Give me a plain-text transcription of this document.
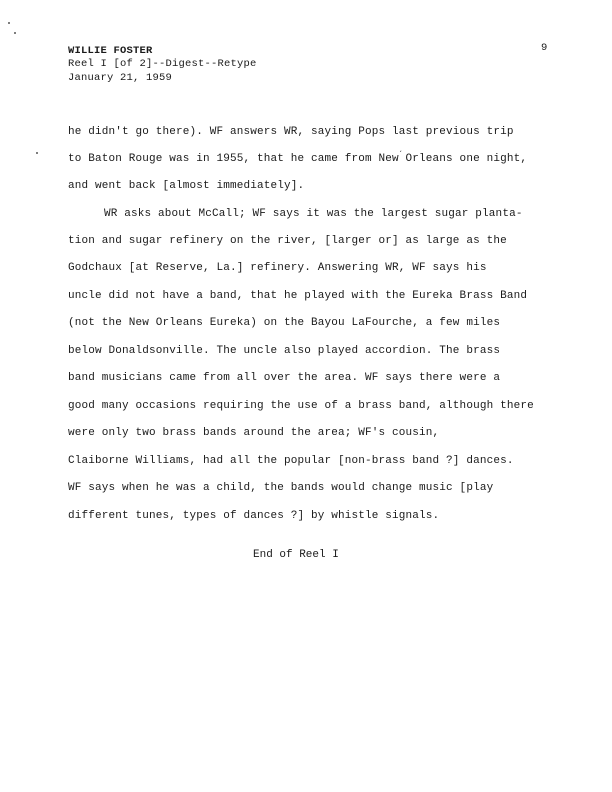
WILLIE FOSTER
Reel I [of 2]--Digest--Retype
January 21, 1959
9
ˏ
he didn't go there). WF answers WR, saying Pops last previous trip
to Baton Rouge was in 1955, that he came from New Orleans one night,
and went back [almost immediately].
WR asks about McCall; WF says it was the largest sugar planta-
tion and sugar refinery on the river, [larger or] as large as the
Godchaux [at Reserve, La.] refinery. Answering WR, WF says his
uncle did not have a band, that he played with the Eureka Brass Band
(not the New Orleans Eureka) on the Bayou LaFourche, a few miles
below Donaldsonville. The uncle also played accordion. The brass
band musicians came from all over the area. WF says there were a
good many occasions requiring the use of a brass band, although there
were only two brass bands around the area; WF's cousin,
Claiborne Williams, had all the popular [non-brass band ?] dances.
WF says when he was a child, the bands would change music [play
different tunes, types of dances ?] by whistle signals.
End of Reel I
